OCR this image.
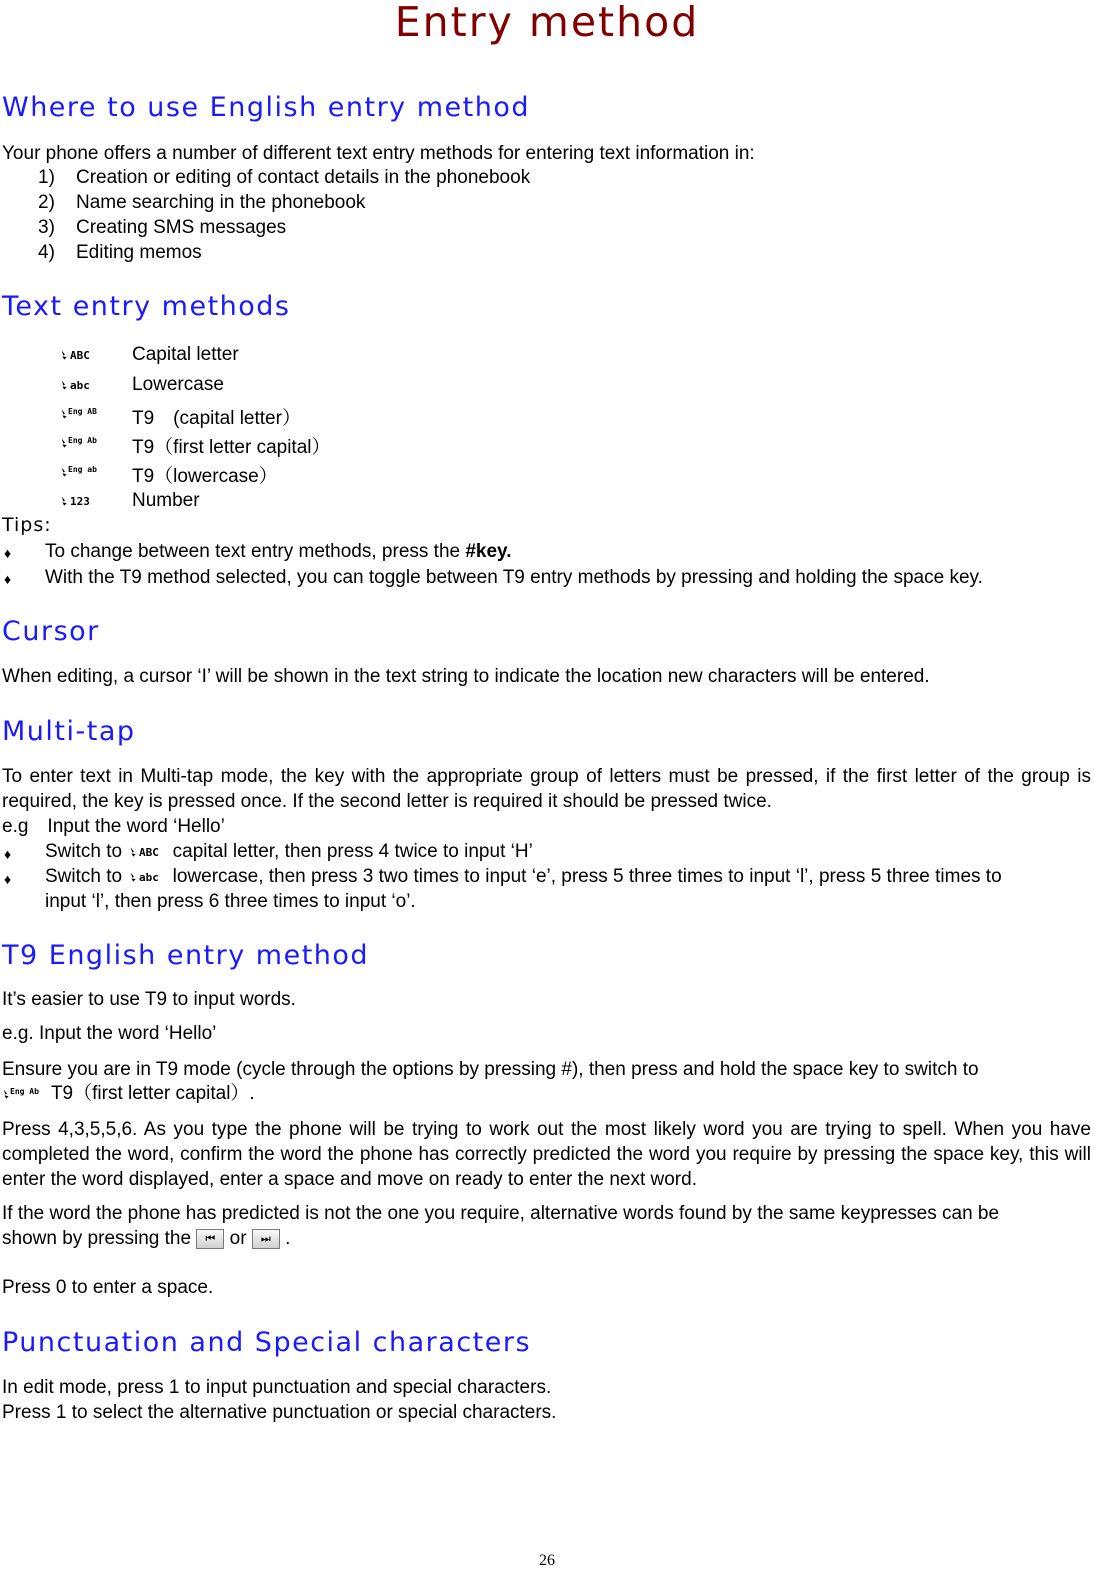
Entry method
Where to use English entry method
Your phone offers a number of different text entry methods for entering text information in:
1) Creation or editing of contact details in the phonebook
2) Name searching in the phonebook
3) Creating SMS messages
4) Editing memos
Text entry methods
ABC Capital letter
abc Lowercase
Eng AB T9　(capital letter）
Eng Ab T9（first letter capital）
Eng ab T9（lowercase）
123 Number
Tips:
♦ To change between text entry methods, press the #key.
♦ With the T9 method selected, you can toggle between T9 entry methods by pressing and holding the space key.
Cursor
When editing, a cursor ‘I’ will be shown in the text string to indicate the location new characters will be entered.
Multi-tap
To enter text in Multi-tap mode, the key with the appropriate group of letters must be pressed, if the first letter of the group is required, the key is pressed once. If the second letter is required it should be pressed twice.
e.g　Input the word ‘Hello’
♦ Switch to ABC capital letter, then press 4 twice to input ‘H’
♦ Switch to abc lowercase, then press 3 two times to input ‘e’, press 5 three times to input ‘l’, press 5 three times to
input ‘l’, then press 6 three times to input ‘o’.
T9 English entry method
It’s easier to use T9 to input words.
e.g. Input the word ‘Hello’
Ensure you are in T9 mode (cycle through the options by pressing #), then press and hold the space key to switch to
Eng Ab T9（first letter capital）.
Press 4,3,5,5,6. As you type the phone will be trying to work out the most likely word you are trying to spell. When you have completed the word, confirm the word the phone has correctly predicted the word you require by pressing the space key, this will enter the word displayed, enter a space and move on ready to enter the next word.
If the word the phone has predicted is not the one you require, alternative words found by the same keypresses can be
shown by pressing the ⏮ or ⏭ .
Press 0 to enter a space.
Punctuation and Special characters
In edit mode, press 1 to input punctuation and special characters.
Press 1 to select the alternative punctuation or special characters.
26
